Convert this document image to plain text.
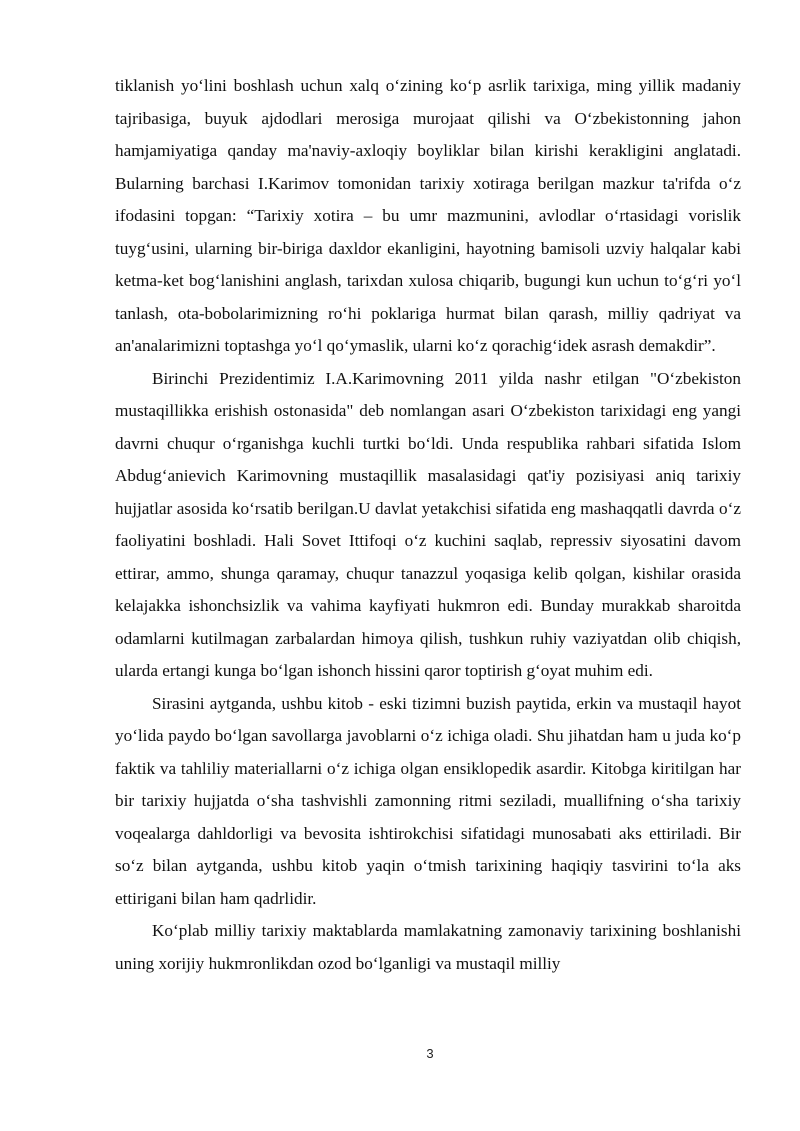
tiklanish yo‘lini boshlash uchun xalq o‘zining ko‘p asrlik tarixiga, ming yillik madaniy tajribasiga, buyuk ajdodlari merosiga murojaat qilishi va O‘zbekistonning jahon hamjamiyatiga qanday ma'naviy-axloqiy boyliklar bilan kirishi kerakligini anglatadi. Bularning barchasi I.Karimov tomonidan tarixiy xotiraga berilgan mazkur ta'rifda o‘z ifodasini topgan: “Tarixiy xotira – bu umr mazmunini, avlodlar o‘rtasidagi vorislik tuyg‘usini, ularning bir-biriga daxldor ekanligini, hayotning bamisoli uzviy halqalar kabi ketma-ket bog‘lanishini anglash, tarixdan xulosa chiqarib, bugungi kun uchun to‘g‘ri yo‘l tanlash, ota-bobolarimizning ro‘hi poklariga hurmat bilan qarash, milliy qadriyat va an'analarimizni toptashga yo‘l qo‘ymaslik, ularni ko‘z qorachig‘idek asrash demakdir”.

Birinchi Prezidentimiz I.A.Karimovning 2011 yilda nashr etilgan "O‘zbekiston mustaqillikka erishish ostonasida" deb nomlangan asari O‘zbekiston tarixidagi eng yangi davrni chuqur o‘rganishga kuchli turtki bo‘ldi. Unda respublika rahbari sifatida Islom Abdug‘anievich Karimovning mustaqillik masalasidagi qat'iy pozisiyasi aniq tarixiy hujjatlar asosida ko‘rsatib berilgan.U davlat yetakchisi sifatida eng mashaqqatli davrda o‘z faoliyatini boshladi. Hali Sovet Ittifoqi o‘z kuchini saqlab, repressiv siyosatini davom ettirar, ammo, shunga qaramay, chuqur tanazzul yoqasiga kelib qolgan, kishilar orasida kelajakka ishonchsizlik va vahima kayfiyati hukmron edi. Bunday murakkab sharoitda odamlarni kutilmagan zarbalardan himoya qilish, tushkun ruhiy vaziyatdan olib chiqish, ularda ertangi kunga bo‘lgan ishonch hissini qaror toptirish g‘oyat muhim edi.

Sirasini aytganda, ushbu kitob - eski tizimni buzish paytida, erkin va mustaqil hayot yo‘lida paydo bo‘lgan savollarga javoblarni o‘z ichiga oladi. Shu jihatdan ham u juda ko‘p faktik va tahliliy materiallarni o‘z ichiga olgan ensiklopedik asardir. Kitobga kiritilgan har bir tarixiy hujjatda o‘sha tashvishli zamonning ritmi seziladi, muallifning o‘sha tarixiy voqealarga dahldorligi va bevosita ishtirokchisi sifatidagi munosabati aks ettiriladi. Bir so‘z bilan aytganda, ushbu kitob yaqin o‘tmish tarixining haqiqiy tasvirini to‘la aks ettirigani bilan ham qadrlidir.

Ko‘plab milliy tarixiy maktablarda mamlakatning zamonaviy tarixining boshlanishi uning xorijiy hukmronlikdan ozod bo‘lganligi va mustaqil milliy

3
